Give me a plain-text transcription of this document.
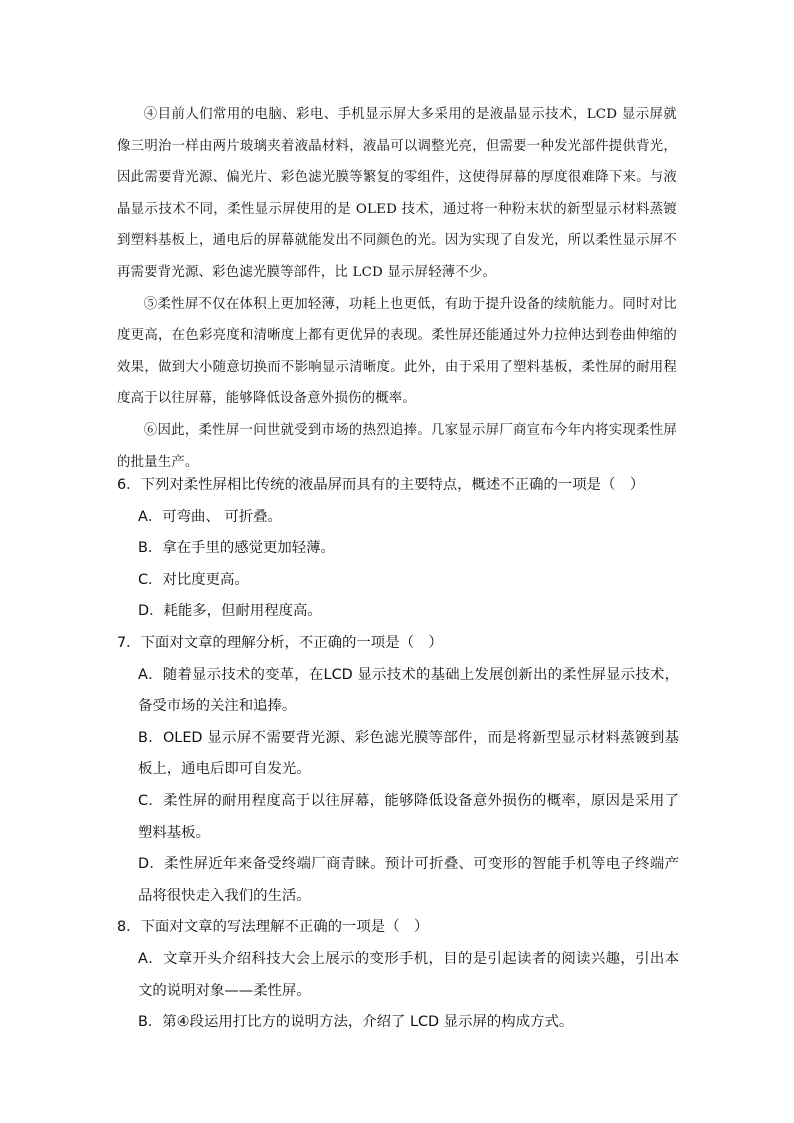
④目前人们常用的电脑、彩电、手机显示屏大多采用的是液晶显示技术，LCD 显示屏就像三明治一样由两片玻璃夹着液晶材料，液晶可以调整光亮，但需要一种发光部件提供背光，因此需要背光源、偏光片、彩色滤光膜等繁复的零组件，这使得屏幕的厚度很难降下来。与液晶显示技术不同，柔性显示屏使用的是 OLED 技术，通过将一种粉末状的新型显示材料蒸镀到塑料基板上，通电后的屏幕就能发出不同颜色的光。因为实现了自发光，所以柔性显示屏不再需要背光源、彩色滤光膜等部件，比 LCD 显示屏轻薄不少。

⑤柔性屏不仅在体积上更加轻薄，功耗上也更低，有助于提升设备的续航能力。同时对比度更高，在色彩亮度和清晰度上都有更优异的表现。柔性屏还能通过外力拉伸达到卷曲伸缩的效果，做到大小随意切换而不影响显示清晰度。此外，由于采用了塑料基板，柔性屏的耐用程度高于以往屏幕，能够降低设备意外损伤的概率。

⑥因此，柔性屏一问世就受到市场的热烈追捧。几家显示屏厂商宣布今年内将实现柔性屏的批量生产。

6．下列对柔性屏相比传统的液晶屏而具有的主要特点，概述不正确的一项是（　）

A．可弯曲、 可折叠。

B．拿在手里的感觉更加轻薄。

C．对比度更高。

D．耗能多，但耐用程度高。

7．下面对文章的理解分析，不正确的一项是（　）

A．随着显示技术的变革，在LCD 显示技术的基础上发展创新出的柔性屏显示技术，备受市场的关注和追捧。

B．OLED 显示屏不需要背光源、彩色滤光膜等部件，而是将新型显示材料蒸镀到基板上，通电后即可自发光。

C．柔性屏的耐用程度高于以往屏幕，能够降低设备意外损伤的概率，原因是采用了塑料基板。

D．柔性屏近年来备受终端厂商青睐。预计可折叠、可变形的智能手机等电子终端产品将很快走入我们的生活。

8．下面对文章的写法理解不正确的一项是（　）

A．文章开头介绍科技大会上展示的变形手机，目的是引起读者的阅读兴趣，引出本文的说明对象——柔性屏。

B．第④段运用打比方的说明方法，介绍了 LCD 显示屏的构成方式。
